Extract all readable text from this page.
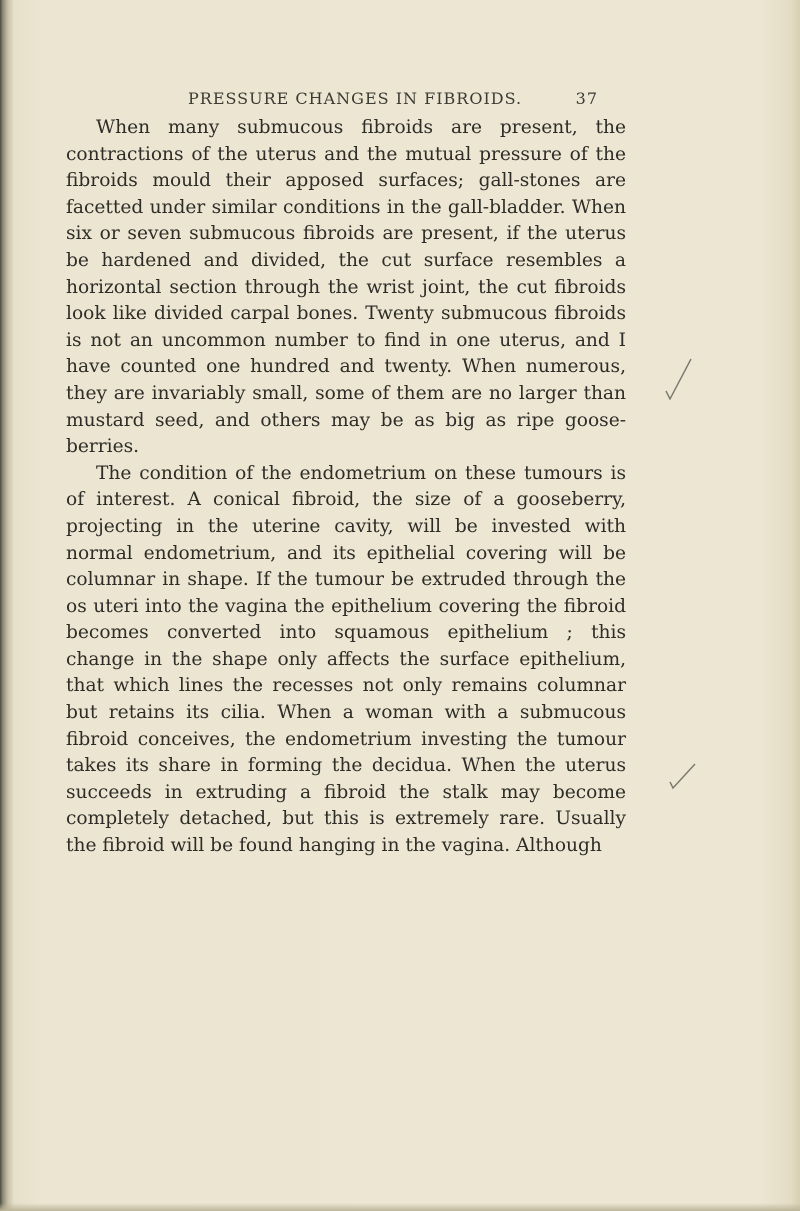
PRESSURE CHANGES IN FIBROIDS.	37

When many submucous fibroids are present, the contractions of the uterus and the mutual pressure of the fibroids mould their apposed surfaces; gall-stones are facetted under similar conditions in the gall-bladder. When six or seven submucous fibroids are present, if the uterus be hardened and divided, the cut surface resembles a horizontal section through the wrist joint, the cut fibroids look like divided carpal bones. Twenty submucous fibroids is not an uncommon number to find in one uterus, and I have counted one hundred and twenty. When numerous, they are invariably small, some of them are no larger than mustard seed, and others may be as big as ripe goose-berries.

The condition of the endometrium on these tumours is of interest. A conical fibroid, the size of a gooseberry, projecting in the uterine cavity, will be invested with normal endometrium, and its epithelial covering will be columnar in shape. If the tumour be extruded through the os uteri into the vagina the epithelium covering the fibroid becomes converted into squamous epithelium ; this change in the shape only affects the surface epithelium, that which lines the recesses not only remains columnar but retains its cilia. When a woman with a submucous fibroid conceives, the endometrium investing the tumour takes its share in forming the decidua. When the uterus succeeds in extruding a fibroid the stalk may become completely detached, but this is extremely rare. Usually the fibroid will be found hanging in the vagina. Although
